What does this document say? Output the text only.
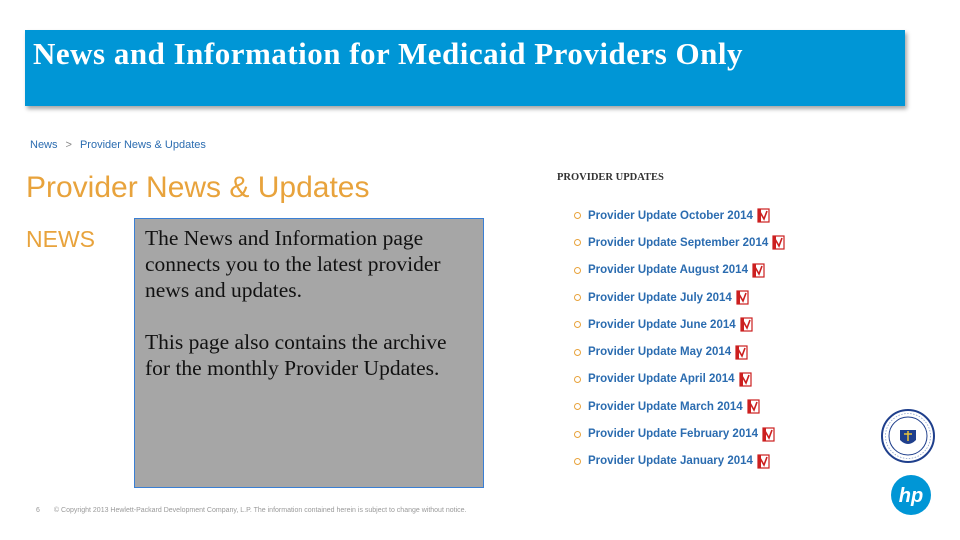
News and Information for Medicaid Providers Only
News > Provider News & Updates
Provider News & Updates
NEWS The News and Information page connects you to the latest provider news and updates.

This page also contains the archive for the monthly Provider Updates.

PROVIDER UPDATES
Provider Update October 2014
Provider Update September 2014
Provider Update August 2014
Provider Update July 2014
Provider Update June 2014
Provider Update May 2014
Provider Update April 2014
Provider Update March 2014
Provider Update February 2014
Provider Update January 2014
hp
6 © Copyright 2013 Hewlett-Packard Development Company, L.P. The information contained herein is subject to change without notice.
